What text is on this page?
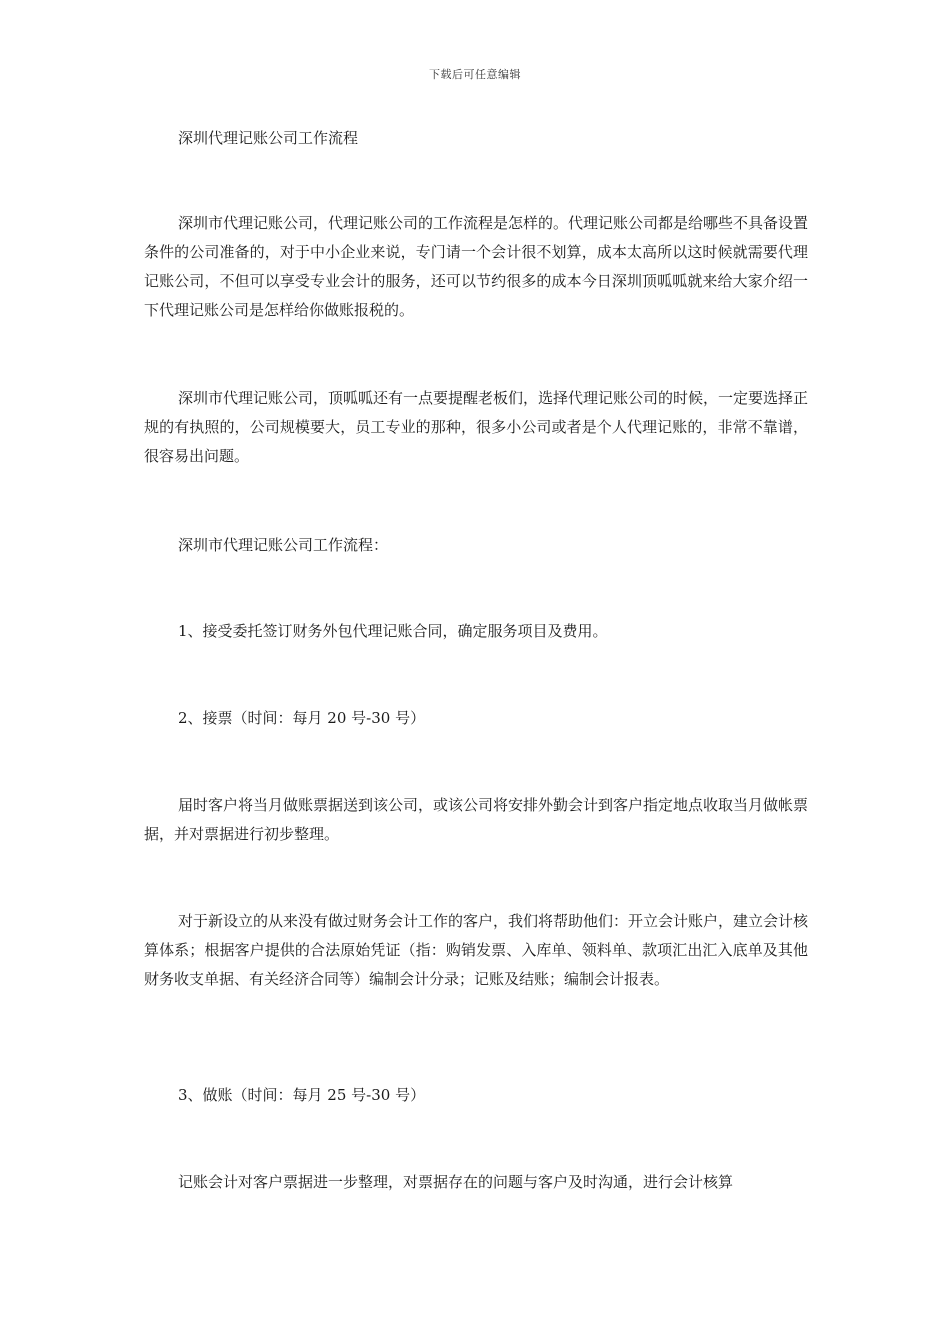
下载后可任意编辑

深圳代理记账公司工作流程

深圳市代理记账公司，代理记账公司的工作流程是怎样的。代理记账公司都是给哪些不具备设置条件的公司准备的，对于中小企业来说，专门请一个会计很不划算，成本太高所以这时候就需要代理记账公司，不但可以享受专业会计的服务，还可以节约很多的成本今日深圳顶呱呱就来给大家介绍一下代理记账公司是怎样给你做账报税的。

深圳市代理记账公司，顶呱呱还有一点要提醒老板们，选择代理记账公司的时候，一定要选择正规的有执照的，公司规模要大，员工专业的那种，很多小公司或者是个人代理记账的，非常不靠谱，很容易出问题。

深圳市代理记账公司工作流程：

1、接受委托签订财务外包代理记账合同，确定服务项目及费用。

2、接票（时间：每月 20 号-30 号）

届时客户将当月做账票据送到该公司，或该公司将安排外勤会计到客户指定地点收取当月做帐票据，并对票据进行初步整理。

对于新设立的从来没有做过财务会计工作的客户，我们将帮助他们：开立会计账户，建立会计核算体系；根据客户提供的合法原始凭证（指：购销发票、入库单、领料单、款项汇出汇入底单及其他财务收支单据、有关经济合同等）编制会计分录；记账及结账；编制会计报表。

3、做账（时间：每月 25 号-30 号）

记账会计对客户票据进一步整理，对票据存在的问题与客户及时沟通，进行会计核算
